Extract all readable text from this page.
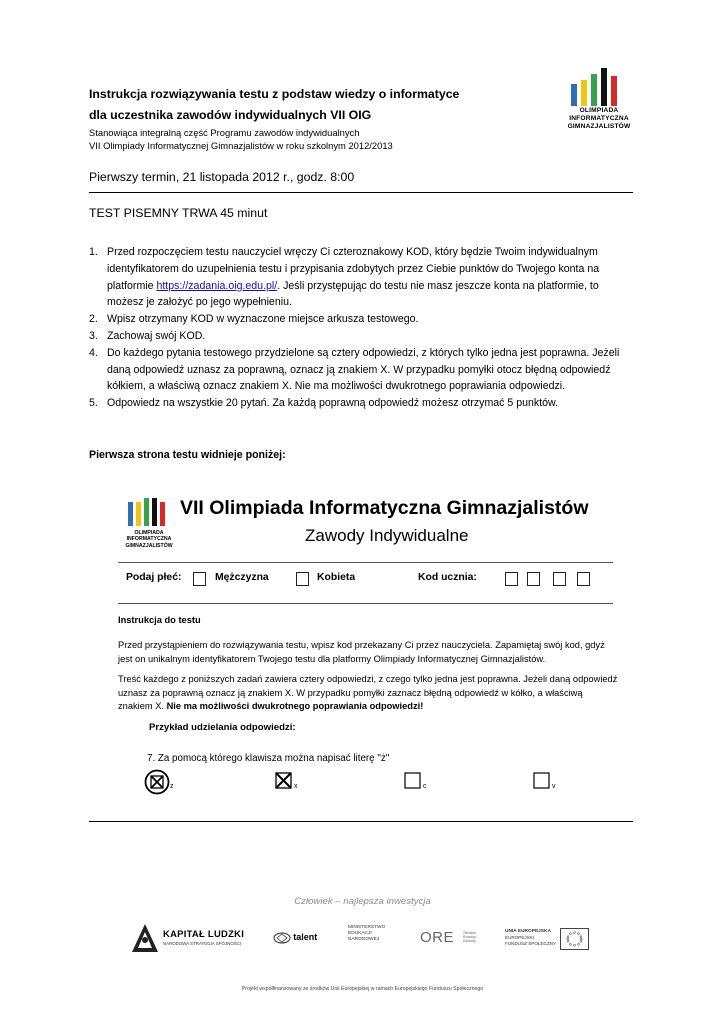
Instrukcja rozwiązywania testu z podstaw wiedzy o informatyce
dla uczestnika zawodów indywidualnych VII OIG
Stanowiąca integralną część Programu zawodów indywidualnych
VII Olimpiady Informatycznej Gimnazjalistów w roku szkolnym 2012/2013
OLIMPIADA
INFORMATYCZNA
GIMNAZJALISTÓW
Pierwszy termin, 21 listopada 2012 r., godz. 8:00
TEST PISEMNY TRWA 45 minut
1. Przed rozpoczęciem testu nauczyciel wręczy Ci czteroznakowy KOD, który będzie Twoim indywidualnym identyfikatorem do uzupełnienia testu i przypisania zdobytych przez Ciebie punktów do Twojego konta na platformie https://zadania.oig.edu.pl/. Jeśli przystępując do testu nie masz jeszcze konta na platformie, to możesz je założyć po jego wypełnieniu.
2. Wpisz otrzymany KOD w wyznaczone miejsce arkusza testowego.
3. Zachowaj swój KOD.
4. Do każdego pytania testowego przydzielone są cztery odpowiedzi, z których tylko jedna jest poprawna. Jeżeli daną odpowiedź uznasz za poprawną, oznacz ją znakiem X. W przypadku pomyłki otocz błędną odpowiedź kółkiem, a właściwą oznacz znakiem X. Nie ma możliwości dwukrotnego poprawiania odpowiedzi.
5. Odpowiedz na wszystkie 20 pytań. Za każdą poprawną odpowiedź możesz otrzymać 5 punktów.
Pierwsza strona testu widnieje poniżej:
OLIMPIADA
INFORMATYCZNA
GIMNAZJALISTÓW
VII Olimpiada Informatyczna Gimnazjalistów
Zawody Indywidualne
Podaj płeć:	Mężczyzna	Kobieta	Kod ucznia:
Instrukcja do testu
Przed przystąpieniem do rozwiązywania testu, wpisz kod przekazany Ci przez nauczyciela. Zapamiętaj swój kod, gdyż jest on unikalnym identyfikatorem Twojego testu dla platformy Olimpiady Informatycznej Gimnazjalistów.
Treść każdego z poniższych zadań zawiera cztery odpowiedzi, z czego tylko jedna jest poprawna. Jeżeli daną odpowiedź uznasz za poprawną oznacz ją znakiem X. W przypadku pomyłki zaznacz błędną odpowiedź w kółko, a właściwą znakiem X. Nie ma możliwości dwukrotnego poprawiania odpowiedzi!
Przykład udzielania odpowiedzi:
7. Za pomocą którego klawisza można napisać literę "ż"
z	x	c	v
Człowiek – najlepsza inwestycja
KAPITAŁ LUDZKI
NARODOWA STRATEGIA SPÓJNOŚCI
talent
MINISTERSTWO
EDUKACJI
NARODOWEJ	ORE	Ośrodek
Rozwoju
Edukacji
UNIA EUROPEJSKA
EUROPEJSKI
FUNDUSZ SPOŁECZNY
Projekt współfinansowany ze środków Unii Europejskiej w ramach Europejskiego Funduszu Społecznego
